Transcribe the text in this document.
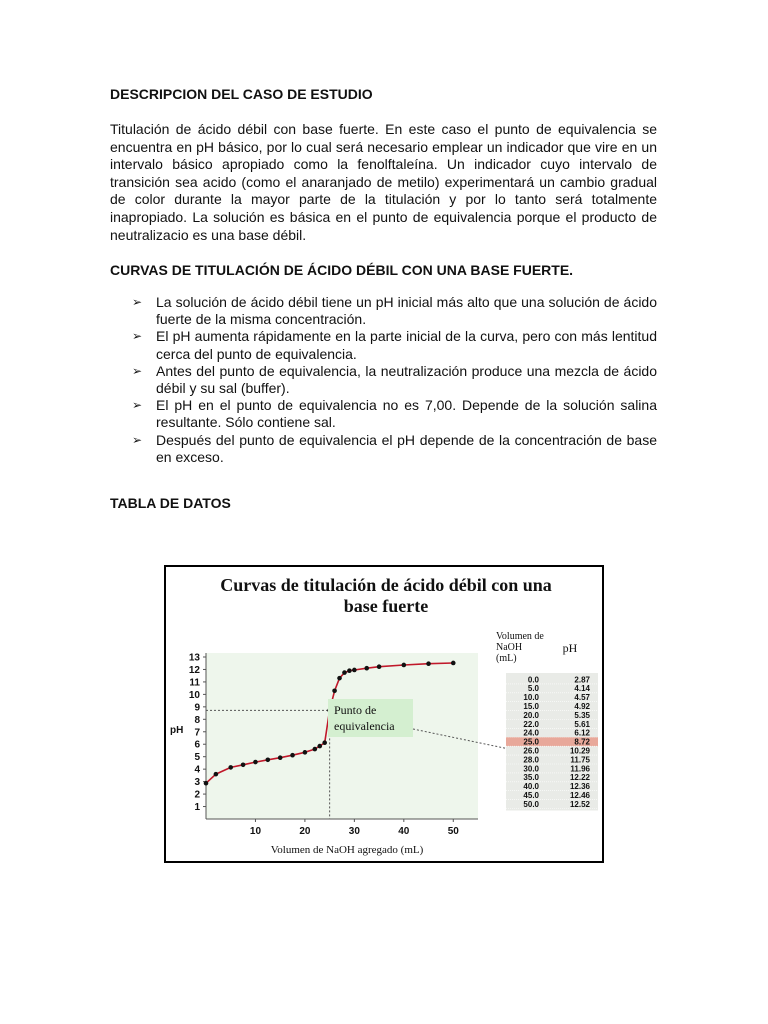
DESCRIPCION DEL CASO DE ESTUDIO

Titulación de ácido débil con base fuerte. En este caso el punto de equivalencia se encuentra en pH básico, por lo cual será necesario emplear un indicador que vire en un intervalo básico apropiado como la fenolftaleína. Un indicador cuyo intervalo de transición sea acido (como el anaranjado de metilo) experimentará un cambio gradual de color durante la mayor parte de la titulación y por lo tanto será totalmente inapropiado. La solución es básica en el punto de equivalencia porque el producto de neutralizacio es una base débil.

CURVAS DE TITULACIÓN DE ÁCIDO DÉBIL CON UNA BASE FUERTE.
➢ La solución de ácido débil tiene un pH inicial más alto que una solución de ácido fuerte de la misma concentración.
➢ El pH aumenta rápidamente en la parte inicial de la curva, pero con más lentitud cerca del punto de equivalencia.
➢ Antes del punto de equivalencia, la neutralización produce una mezcla de ácido débil y su sal (buffer).
➢ El pH en el punto de equivalencia no es 7,00. Depende de la solución salina resultante. Sólo contiene sal.
➢ Después del punto de equivalencia el pH depende de la concentración de base en exceso.
TABLA DE DATOS
Curvas de titulación de ácido débil con una
base fuerte
1
2
3
4
5
6
7
8
9
10
11
12
13
10	20	30	40	50
pH
Volumen de NaOH agregado (mL)
Punto de
equivalencia
Volumen de
NaOH
(mL)
pH
0.0	2.87
5.0	4.14
10.0	4.57
15.0	4.92
20.0	5.35
22.0	5.61
24.0	6.12
25.0	8.72
26.0	10.29
28.0	11.75
30.0	11.96
35.0	12.22
40.0	12.36
45.0	12.46
50.0	12.52
